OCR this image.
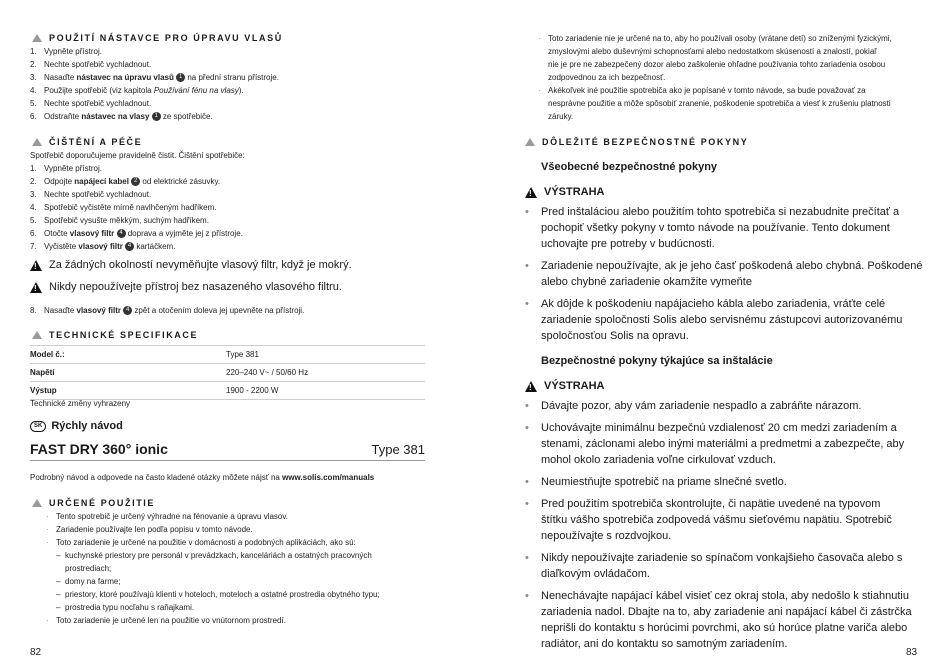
POUŽITÍ NÁSTAVCE PRO ÚPRAVU VLASŮ
1. Vypněte přístroj.
2. Nechte spotřebič vychladnout.
3. Nasaďte nástavec na úpravu vlasů 1 na přední stranu přístroje.
4. Použijte spotřebič (viz kapitola Používání fénu na vlasy).
5. Nechte spotřebič vychladnout.
6. Odstraňte nástavec na vlasy 1 ze spotřebiče.
ČIŠTĚNÍ A PÉČE
Spotřebič doporučujeme pravidelně čistit. Čištění spotřebiče:
1. Vypněte přístroj.
2. Odpojte napájecí kabel 2 od elektrické zásuvky.
3. Nechte spotřebič vychladnout.
4. Spotřebič vyčistěte mírně navlhčeným hadříkem.
5. Spotřebič vysušte měkkým, suchým hadříkem.
6. Otočte vlasový filtr 4 doprava a vyjměte jej z přístroje.
7. Vyčistěte vlasový filtr 4 kartáčkem.
!
Za žádných okolností nevyměňujte vlasový filtr, když je mokrý.
!
Nikdy nepoužívejte přístroj bez nasazeného vlasového filtru.
8. Nasaďte vlasový filtr 4 zpět a otočením doleva jej upevněte na přístroji.
TECHNICKÉ SPECIFIKACE
Model č.:	Type 381
Napětí	220–240 V~ / 50/60 Hz
Výstup	1900 - 2200 W
Technické změny vyhrazeny
SK Rýchly návod
FAST DRY 360° ionic	Type 381
Podrobný návod a odpovede na často kladené otázky môžete nájsť na www.solis.com/manuals
URČENÉ POUŽITIE
· Tento spotrebič je určený výhradne na fénovanie a úpravu vlasov.
· Zariadenie používajte len podľa popisu v tomto návode.
· Toto zariadenie je určené na použitie v domácnosti a podobných aplikáciách, ako sú:
– kuchynské priestory pre personál v prevádzkach, kanceláriách a ostatných pracovných
prostrediach;
– domy na farme;
– priestory, ktoré používajú klienti v hoteloch, moteloch a ostatné prostredia obytného typu;
– prostredia typu nocľahu s raňajkami.
· Toto zariadenie je určené len na použitie vo vnútornom prostredí.
82
· Toto zariadenie nie je určené na to, aby ho používali osoby (vrátane detí) so zníženými fyzickými,
zmyslovými alebo duševnými schopnosťami alebo nedostatkom skúseností a znalostí, pokiaľ
nie je pre ne zabezpečený dozor alebo zaškolenie ohľadne používania tohto zariadenia osobou
zodpovednou za ich bezpečnosť.
· Akékoľvek iné použitie spotrebiča ako je popísané v tomto návode, sa bude považovať za
nesprávne použitie a môže spôsobiť zranenie, poškodenie spotrebiča a viesť k zrušeniu platnosti
záruky.
DÔLEŽITÉ BEZPEČNOSTNÉ POKYNY
Všeobecné bezpečnostné pokyny
!
VÝSTRAHA
•	Pred inštaláciou alebo použitím tohto spotrebiča si nezabudnite prečítať a
pochopiť všetky pokyny v tomto návode na používanie. Tento dokument
uchovajte pre potreby v budúcnosti.
•	Zariadenie nepoužívajte, ak je jeho časť poškodená alebo chybná. Poškodené
alebo chybné zariadenie okamžite vymeňte
•	Ak dôjde k poškodeniu napájacieho kábla alebo zariadenia, vráťte celé
zariadenie spoločnosti Solis alebo servisnému zástupcovi autorizovanému
spoločnosťou Solis na opravu.
Bezpečnostné pokyny týkajúce sa inštalácie
!
VÝSTRAHA
•	Dávajte pozor, aby vám zariadenie nespadlo a zabráňte nárazom.
•	Uchovávajte minimálnu bezpečnú vzdialenosť 20 cm medzi zariadením a
stenami, záclonami alebo inými materiálmi a predmetmi a zabezpečte, aby
mohol okolo zariadenia voľne cirkulovať vzduch.
•	Neumiestňujte spotrebič na priame slnečné svetlo.
•	Pred použitím spotrebiča skontrolujte, či napätie uvedené na typovom
štítku vášho spotrebiča zodpovedá vášmu sieťovému napätiu. Spotrebič
nepoužívajte s rozdvojkou.
•	Nikdy nepoužívajte zariadenie so spínačom vonkajšieho časovača alebo s
diaľkovým ovládačom.
•	Nenechávajte napájací kábel visieť cez okraj stola, aby nedošlo k stiahnutiu
zariadenia nadol. Dbajte na to, aby zariadenie ani napájací kábel či zástrčka
neprišli do kontaktu s horúcimi povrchmi, ako sú horúce platne variča alebo
radiátor, ani do kontaktu so samotným zariadením.
83
